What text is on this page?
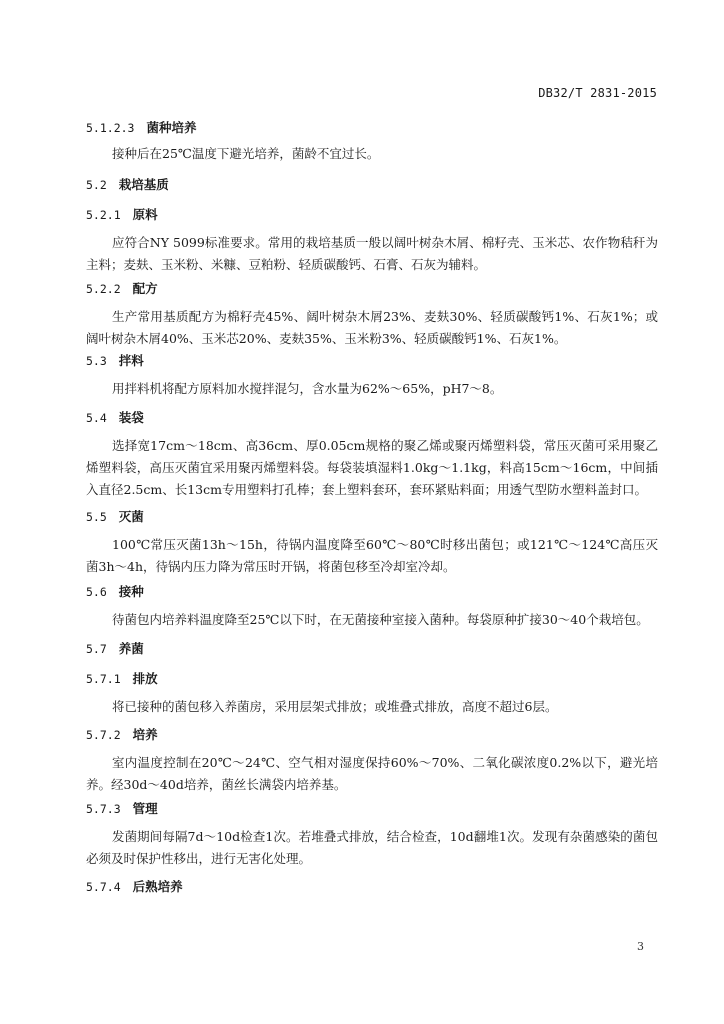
DB32/T 2831-2015

5.1.2.3 菌种培养

接种后在25℃温度下避光培养，菌龄不宜过长。

5.2 栽培基质

5.2.1 原料

应符合NY 5099标准要求。常用的栽培基质一般以阔叶树杂木屑、棉籽壳、玉米芯、农作物秸秆为主料；麦麸、玉米粉、米糠、豆粕粉、轻质碳酸钙、石膏、石灰为辅料。

5.2.2 配方

生产常用基质配方为棉籽壳45%、阔叶树杂木屑23%、麦麸30%、轻质碳酸钙1%、石灰1%；或阔叶树杂木屑40%、玉米芯20%、麦麸35%、玉米粉3%、轻质碳酸钙1%、石灰1%。

5.3 拌料

用拌料机将配方原料加水搅拌混匀，含水量为62%～65%，pH7～8。

5.4 装袋

选择宽17cm～18cm、高36cm、厚0.05cm规格的聚乙烯或聚丙烯塑料袋，常压灭菌可采用聚乙烯塑料袋，高压灭菌宜采用聚丙烯塑料袋。每袋装填湿料1.0kg～1.1kg，料高15cm～16cm，中间插入直径2.5cm、长13cm专用塑料打孔棒；套上塑料套环，套环紧贴料面；用透气型防水塑料盖封口。

5.5 灭菌

100℃常压灭菌13h～15h，待锅内温度降至60℃～80℃时移出菌包；或121℃～124℃高压灭菌3h～4h，待锅内压力降为常压时开锅，将菌包移至冷却室冷却。

5.6 接种

待菌包内培养料温度降至25℃以下时，在无菌接种室接入菌种。每袋原种扩接30～40个栽培包。

5.7 养菌

5.7.1 排放

将已接种的菌包移入养菌房，采用层架式排放；或堆叠式排放，高度不超过6层。

5.7.2 培养

室内温度控制在20℃～24℃、空气相对湿度保持60%～70%、二氧化碳浓度0.2%以下，避光培养。经30d～40d培养，菌丝长满袋内培养基。

5.7.3 管理

发菌期间每隔7d～10d检查1次。若堆叠式排放，结合检查，10d翻堆1次。发现有杂菌感染的菌包必须及时保护性移出，进行无害化处理。

5.7.4 后熟培养

3
